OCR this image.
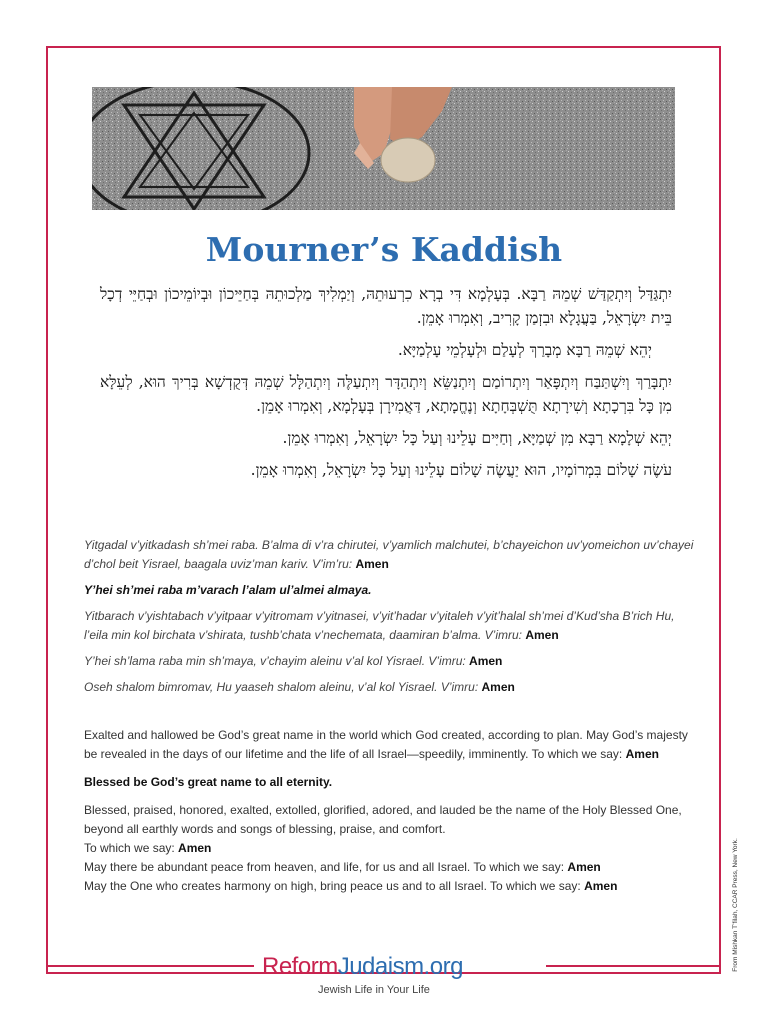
Mourner’s Kaddish

יִתְגַּדַּל וְיִתְקַדַּשׁ שְׁמֵהּ רַבָּא. בְּעָלְמָא דִּי בְרָא כִרְעוּתֵהּ, וְיַמְלִיךְ מַלְכוּתֵהּ בְּחַיֵּיכוֹן וּבְיוֹמֵיכוֹן וּבְחַיֵּי דְכָל בֵּית יִשְׂרָאֵל, בַּעֲגָלָא וּבִזְמַן קָרִיב, וְאִמְרוּ אָמֵן.

יְהֵא שְׁמֵהּ רַבָּא מְבָרַךְ לְעָלַם וּלְעָלְמֵי עָלְמַיָּא.

יִתְבָּרַךְ וְיִשְׁתַּבַּח וְיִתְפָּאַר וְיִתְרוֹמַם וְיִתְנַשֵּׂא וְיִתְהַדָּר וְיִתְעַלֶּה וְיִתְהַלָּל שְׁמֵהּ דְּקֻדְשָׁא בְּרִיךְ הוּא, לְעֵלָּא מִן כָּל בִּרְכָתָא וְשִׁירָתָא תֻּשְׁבְּחָתָא וְנֶחֱמָתָא, דַּאֲמִירָן בְּעָלְמָא, וְאִמְרוּ אָמֵן.

יְהֵא שְׁלָמָא רַבָּא מִן שְׁמַיָּא, וְחַיִּים עָלֵינוּ וְעַל כָּל יִשְׂרָאֵל, וְאִמְרוּ אָמֵן.

עֹשֶׂה שָׁלוֹם בִּמְרוֹמָיו, הוּא יַעֲשֶׂה שָׁלוֹם עָלֵינוּ וְעַל כָּל יִשְׂרָאֵל, וְאִמְרוּ אָמֵן.

Yitgadal v’yitkadash sh’mei raba. B’alma di v’ra chirutei, v’yamlich malchutei, b’chayeichon uv’yomeichon uv’chayei d’chol beit Yisrael, baagala uviz’man kariv. V’im’ru: Amen

Y’hei sh’mei raba m’varach l’alam ul’almei almaya.

Yitbarach v’yishtabach v’yitpaar v’yitromam v’yitnasei, v’yit’hadar v’yitaleh v’yit’halal sh’mei d’Kud’sha B’rich Hu, l’eila min kol birchata v’shirata, tushb’chata v’nechemata, daamiran b’alma. V’imru: Amen

Y’hei sh’lama raba min sh’maya, v’chayim aleinu v’al kol Yisrael. V’imru: Amen

Oseh shalom bimromav, Hu yaaseh shalom aleinu, v’al kol Yisrael. V’imru: Amen

Exalted and hallowed be God’s great name in the world which God created, according to plan. May God’s majesty be revealed in the days of our lifetime and the life of all Israel—speedily, imminently. To which we say: Amen

Blessed be God’s great name to all eternity.

Blessed, praised, honored, exalted, extolled, glorified, adored, and lauded be the name of the Holy Blessed One, beyond all earthly words and songs of blessing, praise, and comfort.
To which we say: Amen
May there be abundant peace from heaven, and life, for us and all Israel. To which we say: Amen
May the One who creates harmony on high, bring peace us and to all Israel. To which we say: Amen	From Mishkan T’filah, CCAR Press, New York.
ReformJudaism.org
Jewish Life in Your Life
